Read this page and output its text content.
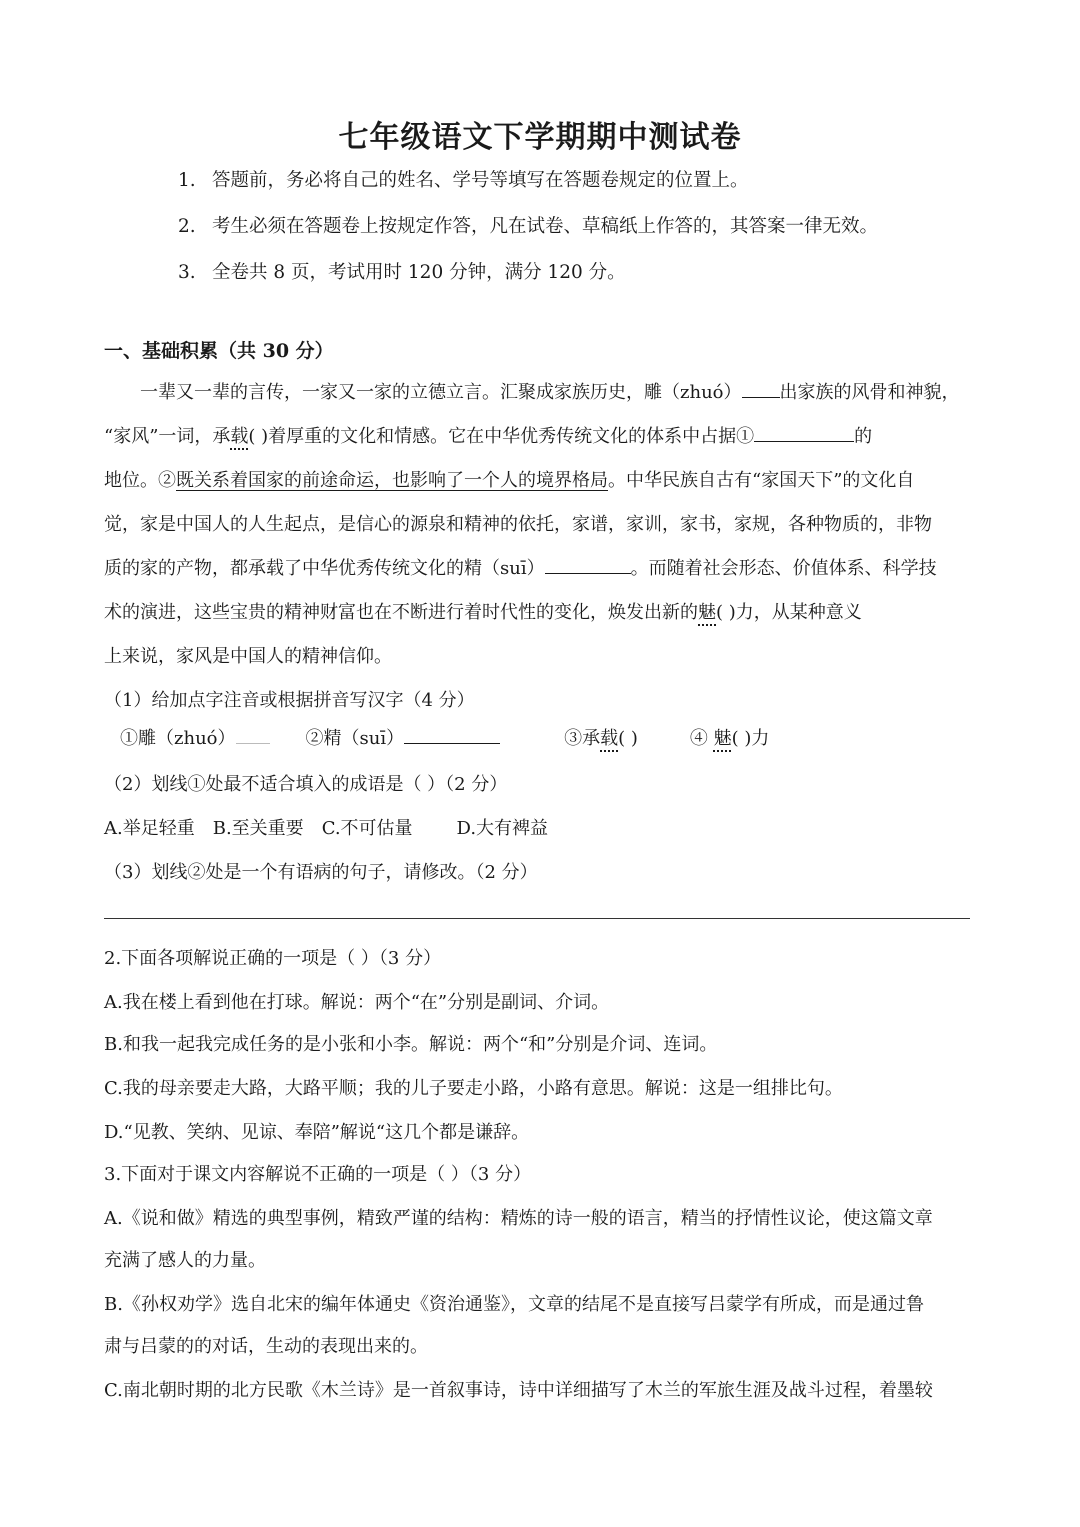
七年级语文下学期期中测试卷
1. 答题前，务必将自己的姓名、学号等填写在答题卷规定的位置上。
2. 考生必须在答题卷上按规定作答，凡在试卷、草稿纸上作答的，其答案一律无效。
3. 全卷共 8 页，考试用时 120 分钟，满分 120 分。
一、基础积累（共 30 分）
一辈又一辈的言传，一家又一家的立德立言。汇聚成家族历史，雕（zhuó） 出家族的风骨和神貌，
“家风”一词，承载( )着厚重的文化和情感。它在中华优秀传统文化的体系中占据①	的
地位。②既关系着国家的前途命运，也影响了一个人的境界格局。中华民族自古有“家国天下”的文化自
觉，家是中国人的人生起点，是信心的源泉和精神的依托，家谱，家训，家书，家规，各种物质的，非物
质的家的产物，都承载了中华优秀传统文化的精（suī）	。而随着社会形态、价值体系、科学技
术的演进，这些宝贵的精神财富也在不断进行着时代性的变化，焕发出新的魅( )力，从某种意义
上来说，家风是中国人的精神信仰。
（1）给加点字注音或根据拼音写汉字（4 分）
①雕（zhuó）	②精（suī）	③承载( )	④ 魅( )力
（2）划线①处最不适合填入的成语是（ ）（2 分）
A.举足轻重 B.至关重要 C.不可估量 D.大有裨益
（3）划线②处是一个有语病的句子，请修改。（2 分）
2.下面各项解说正确的一项是（ ）（3 分）
A.我在楼上看到他在打球。解说：两个“在”分别是副词、介词。
B.和我一起我完成任务的是小张和小李。解说：两个“和”分别是介词、连词。
C.我的母亲要走大路，大路平顺；我的儿子要走小路，小路有意思。解说：这是一组排比句。
D.“见教、笑纳、见谅、奉陪”解说“这几个都是谦辞。
3.下面对于课文内容解说不正确的一项是（ ）（3 分）
A.《说和做》精选的典型事例，精致严谨的结构：精炼的诗一般的语言，精当的抒情性议论，使这篇文章
充满了感人的力量。
B.《孙权劝学》选自北宋的编年体通史《资治通鉴》，文章的结尾不是直接写吕蒙学有所成，而是通过鲁
肃与吕蒙的的对话，生动的表现出来的。
C.南北朝时期的北方民歌《木兰诗》是一首叙事诗，诗中详细描写了木兰的军旅生涯及战斗过程，着墨较
